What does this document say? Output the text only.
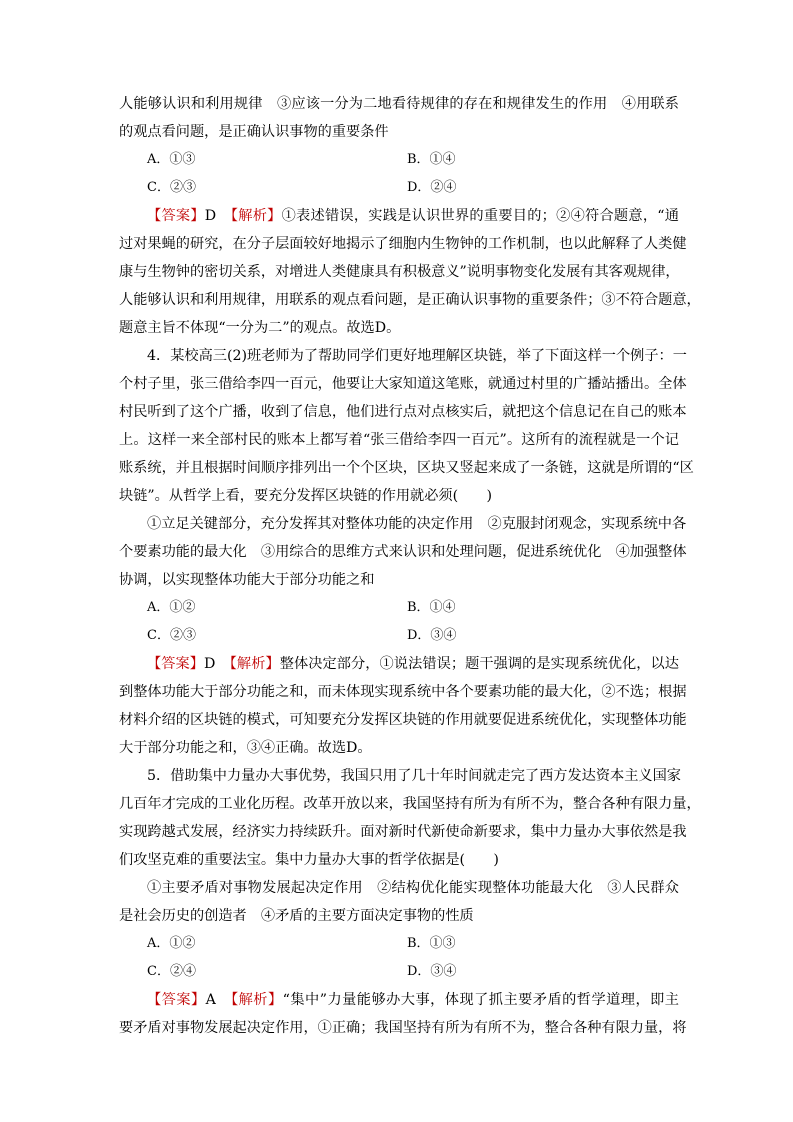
人能够认识和利用规律　③应该一分为二地看待规律的存在和规律发生的作用　④用联系
的观点看问题，是正确认识事物的重要条件
A．①③	B．①④
C．②③	D．②④
【答案】D　 【解析】①表述错误，实践是认识世界的重要目的；②④符合题意，“通
过对果蝇的研究，在分子层面较好地揭示了细胞内生物钟的工作机制，也以此解释了人类健
康与生物钟的密切关系，对增进人类健康具有积极意义”说明事物变化发展有其客观规律，
人能够认识和利用规律，用联系的观点看问题，是正确认识事物的重要条件；③不符合题意，
题意主旨不体现“一分为二”的观点。故选D。
4．某校高三(2)班老师为了帮助同学们更好地理解区块链，举了下面这样一个例子：一
个村子里，张三借给李四一百元，他要让大家知道这笔账，就通过村里的广播站播出。全体
村民听到了这个广播，收到了信息，他们进行点对点核实后，就把这个信息记在自己的账本
上。这样一来全部村民的账本上都写着“张三借给李四一百元”。这所有的流程就是一个记
账系统，并且根据时间顺序排列出一个个区块，区块又竖起来成了一条链，这就是所谓的“区
块链”。从哲学上看，要充分发挥区块链的作用就必须(　　)
①立足关键部分，充分发挥其对整体功能的决定作用　②克服封闭观念，实现系统中各
个要素功能的最大化　③用综合的思维方式来认识和处理问题，促进系统优化　④加强整体
协调，以实现整体功能大于部分功能之和
A．①②	B．①④
C．②③	D．③④
【答案】D　 【解析】整体决定部分，①说法错误；题干强调的是实现系统优化，以达
到整体功能大于部分功能之和，而未体现实现系统中各个要素功能的最大化，②不选；根据
材料介绍的区块链的模式，可知要充分发挥区块链的作用就要促进系统优化，实现整体功能
大于部分功能之和，③④正确。故选D。
5．借助集中力量办大事优势，我国只用了几十年时间就走完了西方发达资本主义国家
几百年才完成的工业化历程。改革开放以来，我国坚持有所为有所不为，整合各种有限力量，
实现跨越式发展，经济实力持续跃升。面对新时代新使命新要求，集中力量办大事依然是我
们攻坚克难的重要法宝。集中力量办大事的哲学依据是(　　)
①主要矛盾对事物发展起决定作用　②结构优化能实现整体功能最大化　③人民群众
是社会历史的创造者　④矛盾的主要方面决定事物的性质
A．①②	B．①③
C．②④	D．③④
【答案】A　 【解析】“集中”力量能够办大事，体现了抓主要矛盾的哲学道理，即主
要矛盾对事物发展起决定作用，①正确；我国坚持有所为有所不为，整合各种有限力量，将
